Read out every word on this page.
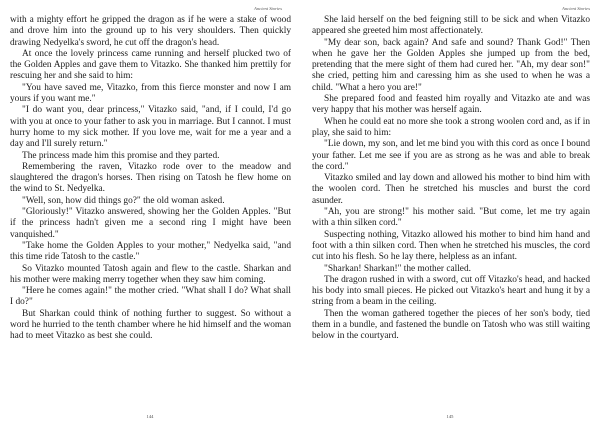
Ancient Stories

with a mighty effort he gripped the dragon as if he were a stake of wood and drove him into the ground up to his very shoulders. Then quickly drawing Nedyelka's sword, he cut off the dragon's head.

At once the lovely princess came running and herself plucked two of the Golden Apples and gave them to Vitazko. She thanked him prettily for rescuing her and she said to him:

"You have saved me, Vitazko, from this fierce monster and now I am yours if you want me."

"I do want you, dear princess," Vitazko said, "and, if I could, I'd go with you at once to your father to ask you in marriage. But I cannot. I must hurry home to my sick mother. If you love me, wait for me a year and a day and I'll surely return."

The princess made him this promise and they parted.

Remembering the raven, Vitazko rode over to the meadow and slaughtered the dragon's horses. Then rising on Tatosh he flew home on the wind to St. Nedyelka.

"Well, son, how did things go?" the old woman asked.

"Gloriously!" Vitazko answered, showing her the Golden Apples. "But if the princess hadn't given me a second ring I might have been vanquished."

"Take home the Golden Apples to your mother," Nedyelka said, "and this time ride Tatosh to the castle."

So Vitazko mounted Tatosh again and flew to the castle. Sharkan and his mother were making merry together when they saw him coming.

"Here he comes again!" the mother cried. "What shall I do? What shall I do?"

But Sharkan could think of nothing further to suggest. So without a word he hurried to the tenth chamber where he hid himself and the woman had to meet Vitazko as best she could.

144
Ancient Stories

She laid herself on the bed feigning still to be sick and when Vitazko appeared she greeted him most affectionately.

"My dear son, back again? And safe and sound? Thank God!" Then when he gave her the Golden Apples she jumped up from the bed, pretending that the mere sight of them had cured her. "Ah, my dear son!" she cried, petting him and caressing him as she used to when he was a child. "What a hero you are!"

She prepared food and feasted him royally and Vitazko ate and was very happy that his mother was herself again.

When he could eat no more she took a strong woolen cord and, as if in play, she said to him:

"Lie down, my son, and let me bind you with this cord as once I bound your father. Let me see if you are as strong as he was and able to break the cord."

Vitazko smiled and lay down and allowed his mother to bind him with the woolen cord. Then he stretched his muscles and burst the cord asunder.

"Ah, you are strong!" his mother said. "But come, let me try again with a thin silken cord."

Suspecting nothing, Vitazko allowed his mother to bind him hand and foot with a thin silken cord. Then when he stretched his muscles, the cord cut into his flesh. So he lay there, helpless as an infant.

"Sharkan! Sharkan!" the mother called.

The dragon rushed in with a sword, cut off Vitazko's head, and hacked his body into small pieces. He picked out Vitazko's heart and hung it by a string from a beam in the ceiling.

Then the woman gathered together the pieces of her son's body, tied them in a bundle, and fastened the bundle on Tatosh who was still waiting below in the courtyard.

145
